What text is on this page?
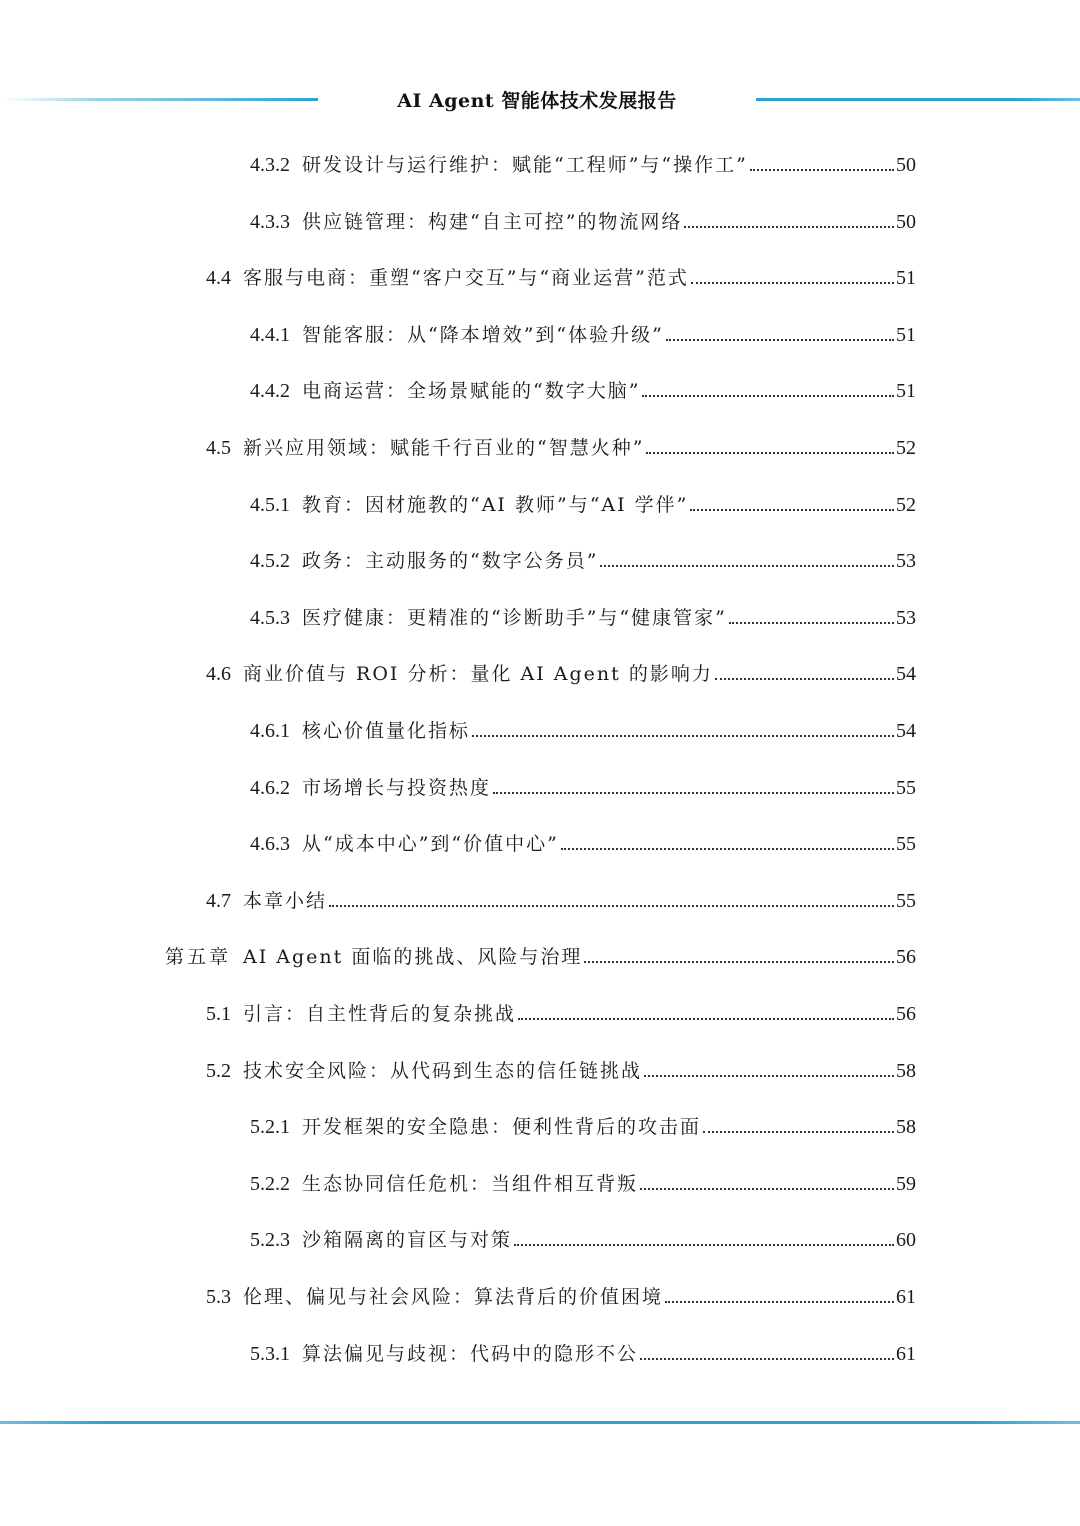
AI Agent 智能体技术发展报告
4.3.2 研发设计与运行维护：赋能“工程师”与“操作工”	50
4.3.3 供应链管理：构建“自主可控”的物流网络	50
4.4 客服与电商：重塑“客户交互”与“商业运营”范式	51
4.4.1 智能客服：从“降本增效”到“体验升级”	51
4.4.2 电商运营：全场景赋能的“数字大脑”	51
4.5 新兴应用领域：赋能千行百业的“智慧火种”	52
4.5.1 教育：因材施教的“AI 教师”与“AI 学伴”	52
4.5.2 政务：主动服务的“数字公务员”	53
4.5.3 医疗健康：更精准的“诊断助手”与“健康管家”	53
4.6 商业价值与 ROI 分析：量化 AI Agent 的影响力	54
4.6.1 核心价值量化指标	54
4.6.2 市场增长与投资热度	55
4.6.3 从“成本中心”到“价值中心”	55
4.7 本章小结	55
第五章 AI Agent 面临的挑战、风险与治理	56
5.1 引言：自主性背后的复杂挑战	56
5.2 技术安全风险：从代码到生态的信任链挑战	58
5.2.1 开发框架的安全隐患：便利性背后的攻击面	58
5.2.2 生态协同信任危机：当组件相互背叛	59
5.2.3 沙箱隔离的盲区与对策	60
5.3 伦理、偏见与社会风险：算法背后的价值困境	61
5.3.1 算法偏见与歧视：代码中的隐形不公	61
